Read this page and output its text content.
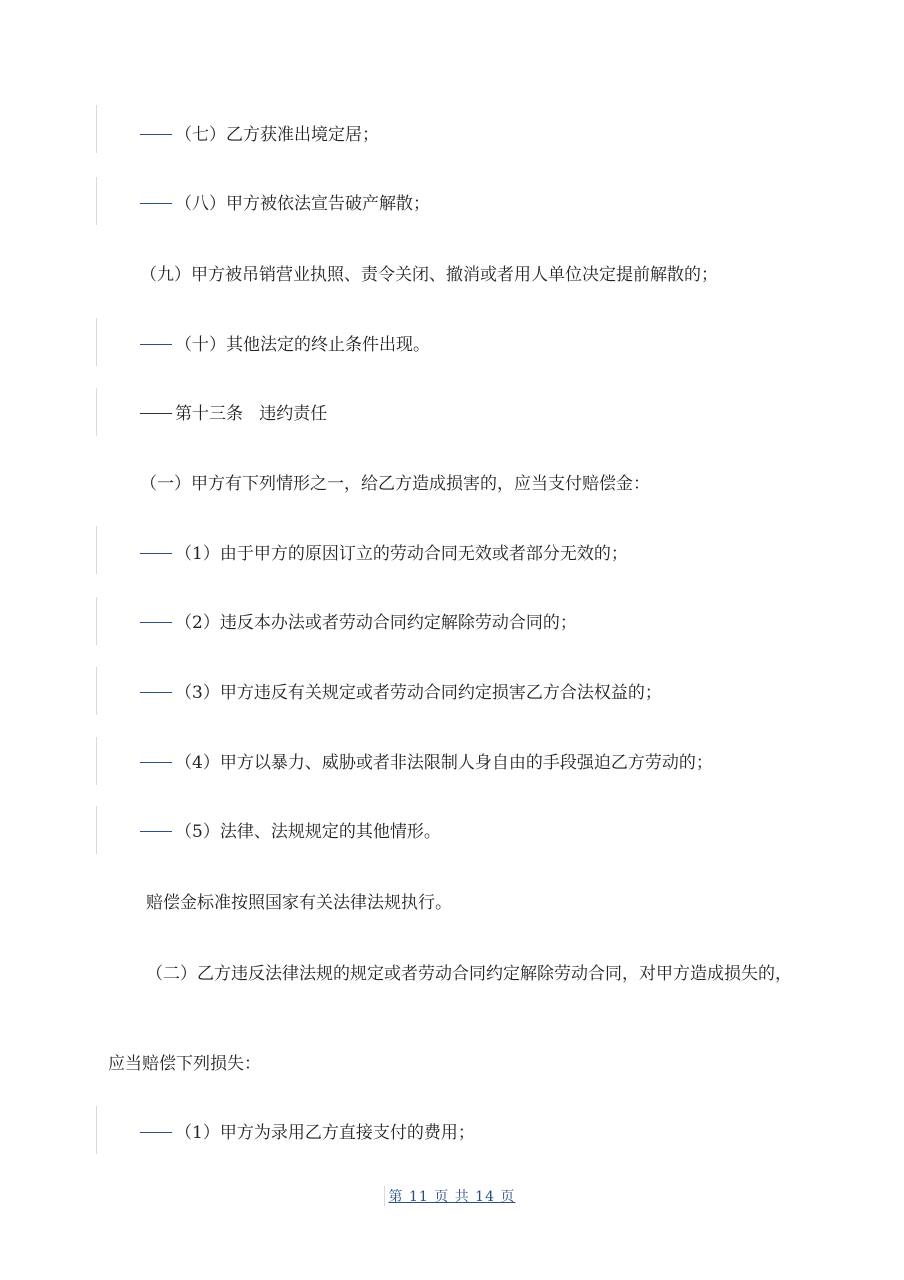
（七）乙方获准出境定居；
（八）甲方被依法宣告破产解散；
（九）甲方被吊销营业执照、责令关闭、撤消或者用人单位决定提前解散的；
（十）其他法定的终止条件出现。
第十三条   违约责任
（一）甲方有下列情形之一，给乙方造成损害的，应当支付赔偿金：
（1）由于甲方的原因订立的劳动合同无效或者部分无效的；
（2）违反本办法或者劳动合同约定解除劳动合同的；
（3）甲方违反有关规定或者劳动合同约定损害乙方合法权益的；
（4）甲方以暴力、威胁或者非法限制人身自由的手段强迫乙方劳动的；
（5）法律、法规规定的其他情形。
赔偿金标准按照国家有关法律法规执行。
（二）乙方违反法律法规的规定或者劳动合同约定解除劳动合同，对甲方造成损失的，
应当赔偿下列损失：
（1）甲方为录用乙方直接支付的费用；
第 11 页 共 14 页
